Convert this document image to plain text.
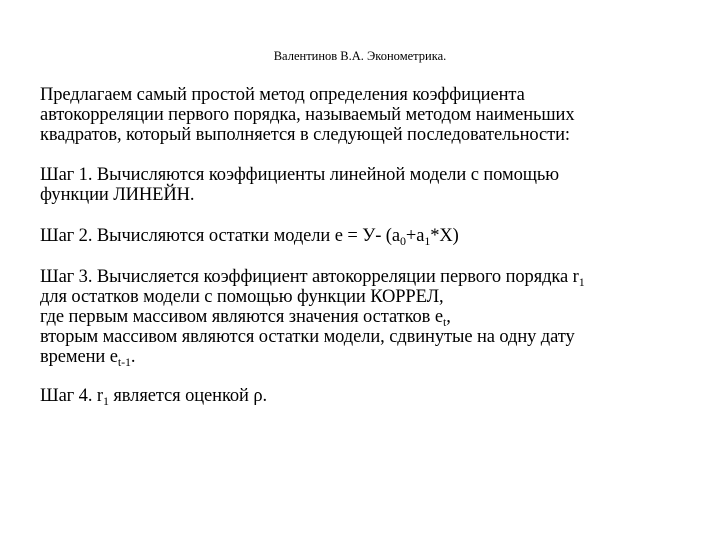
Валентинов В.А. Эконометрика.
Предлагаем самый простой метод определения коэффициента
автокорреляции первого порядка, называемый методом наименьших
квадратов, который выполняется в следующей последовательности:
Шаг 1. Вычисляются коэффициенты линейной модели с помощью
функции ЛИНЕЙН.
Шаг 2. Вычисляются остатки модели e = У- $(a_0+a_1*X)$
Шаг 3. Вычисляется коэффициент автокорреляции первого порядка $r_1$
для остатков модели с помощью функции КОРРЕЛ,
где первым массивом являются значения остатков $e_t$,
вторым массивом являются остатки модели, сдвинутые на одну дату
времени $e_{t-1}$.
Шаг 4. $r_1$ является оценкой ρ.
